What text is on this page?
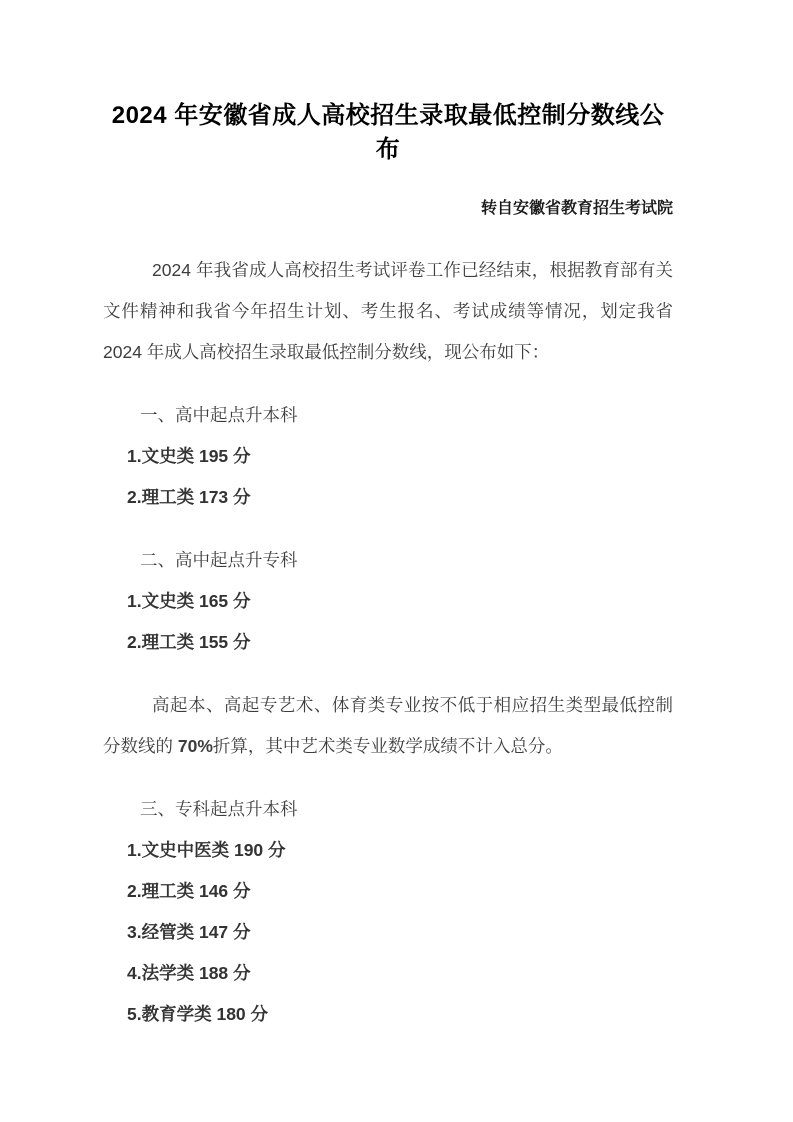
2024 年安徽省成人高校招生录取最低控制分数线公布
转自安徽省教育招生考试院
2024 年我省成人高校招生考试评卷工作已经结束，根据教育部有关文件精神和我省今年招生计划、考生报名、考试成绩等情况，划定我省 2024 年成人高校招生录取最低控制分数线，现公布如下：
一、高中起点升本科
1.文史类 195 分
2.理工类 173 分
二、高中起点升专科
1.文史类 165 分
2.理工类 155 分
高起本、高起专艺术、体育类专业按不低于相应招生类型最低控制分数线的 70%折算，其中艺术类专业数学成绩不计入总分。
三、专科起点升本科
1.文史中医类 190 分
2.理工类 146 分
3.经管类 147 分
4.法学类 188 分
5.教育学类 180 分
